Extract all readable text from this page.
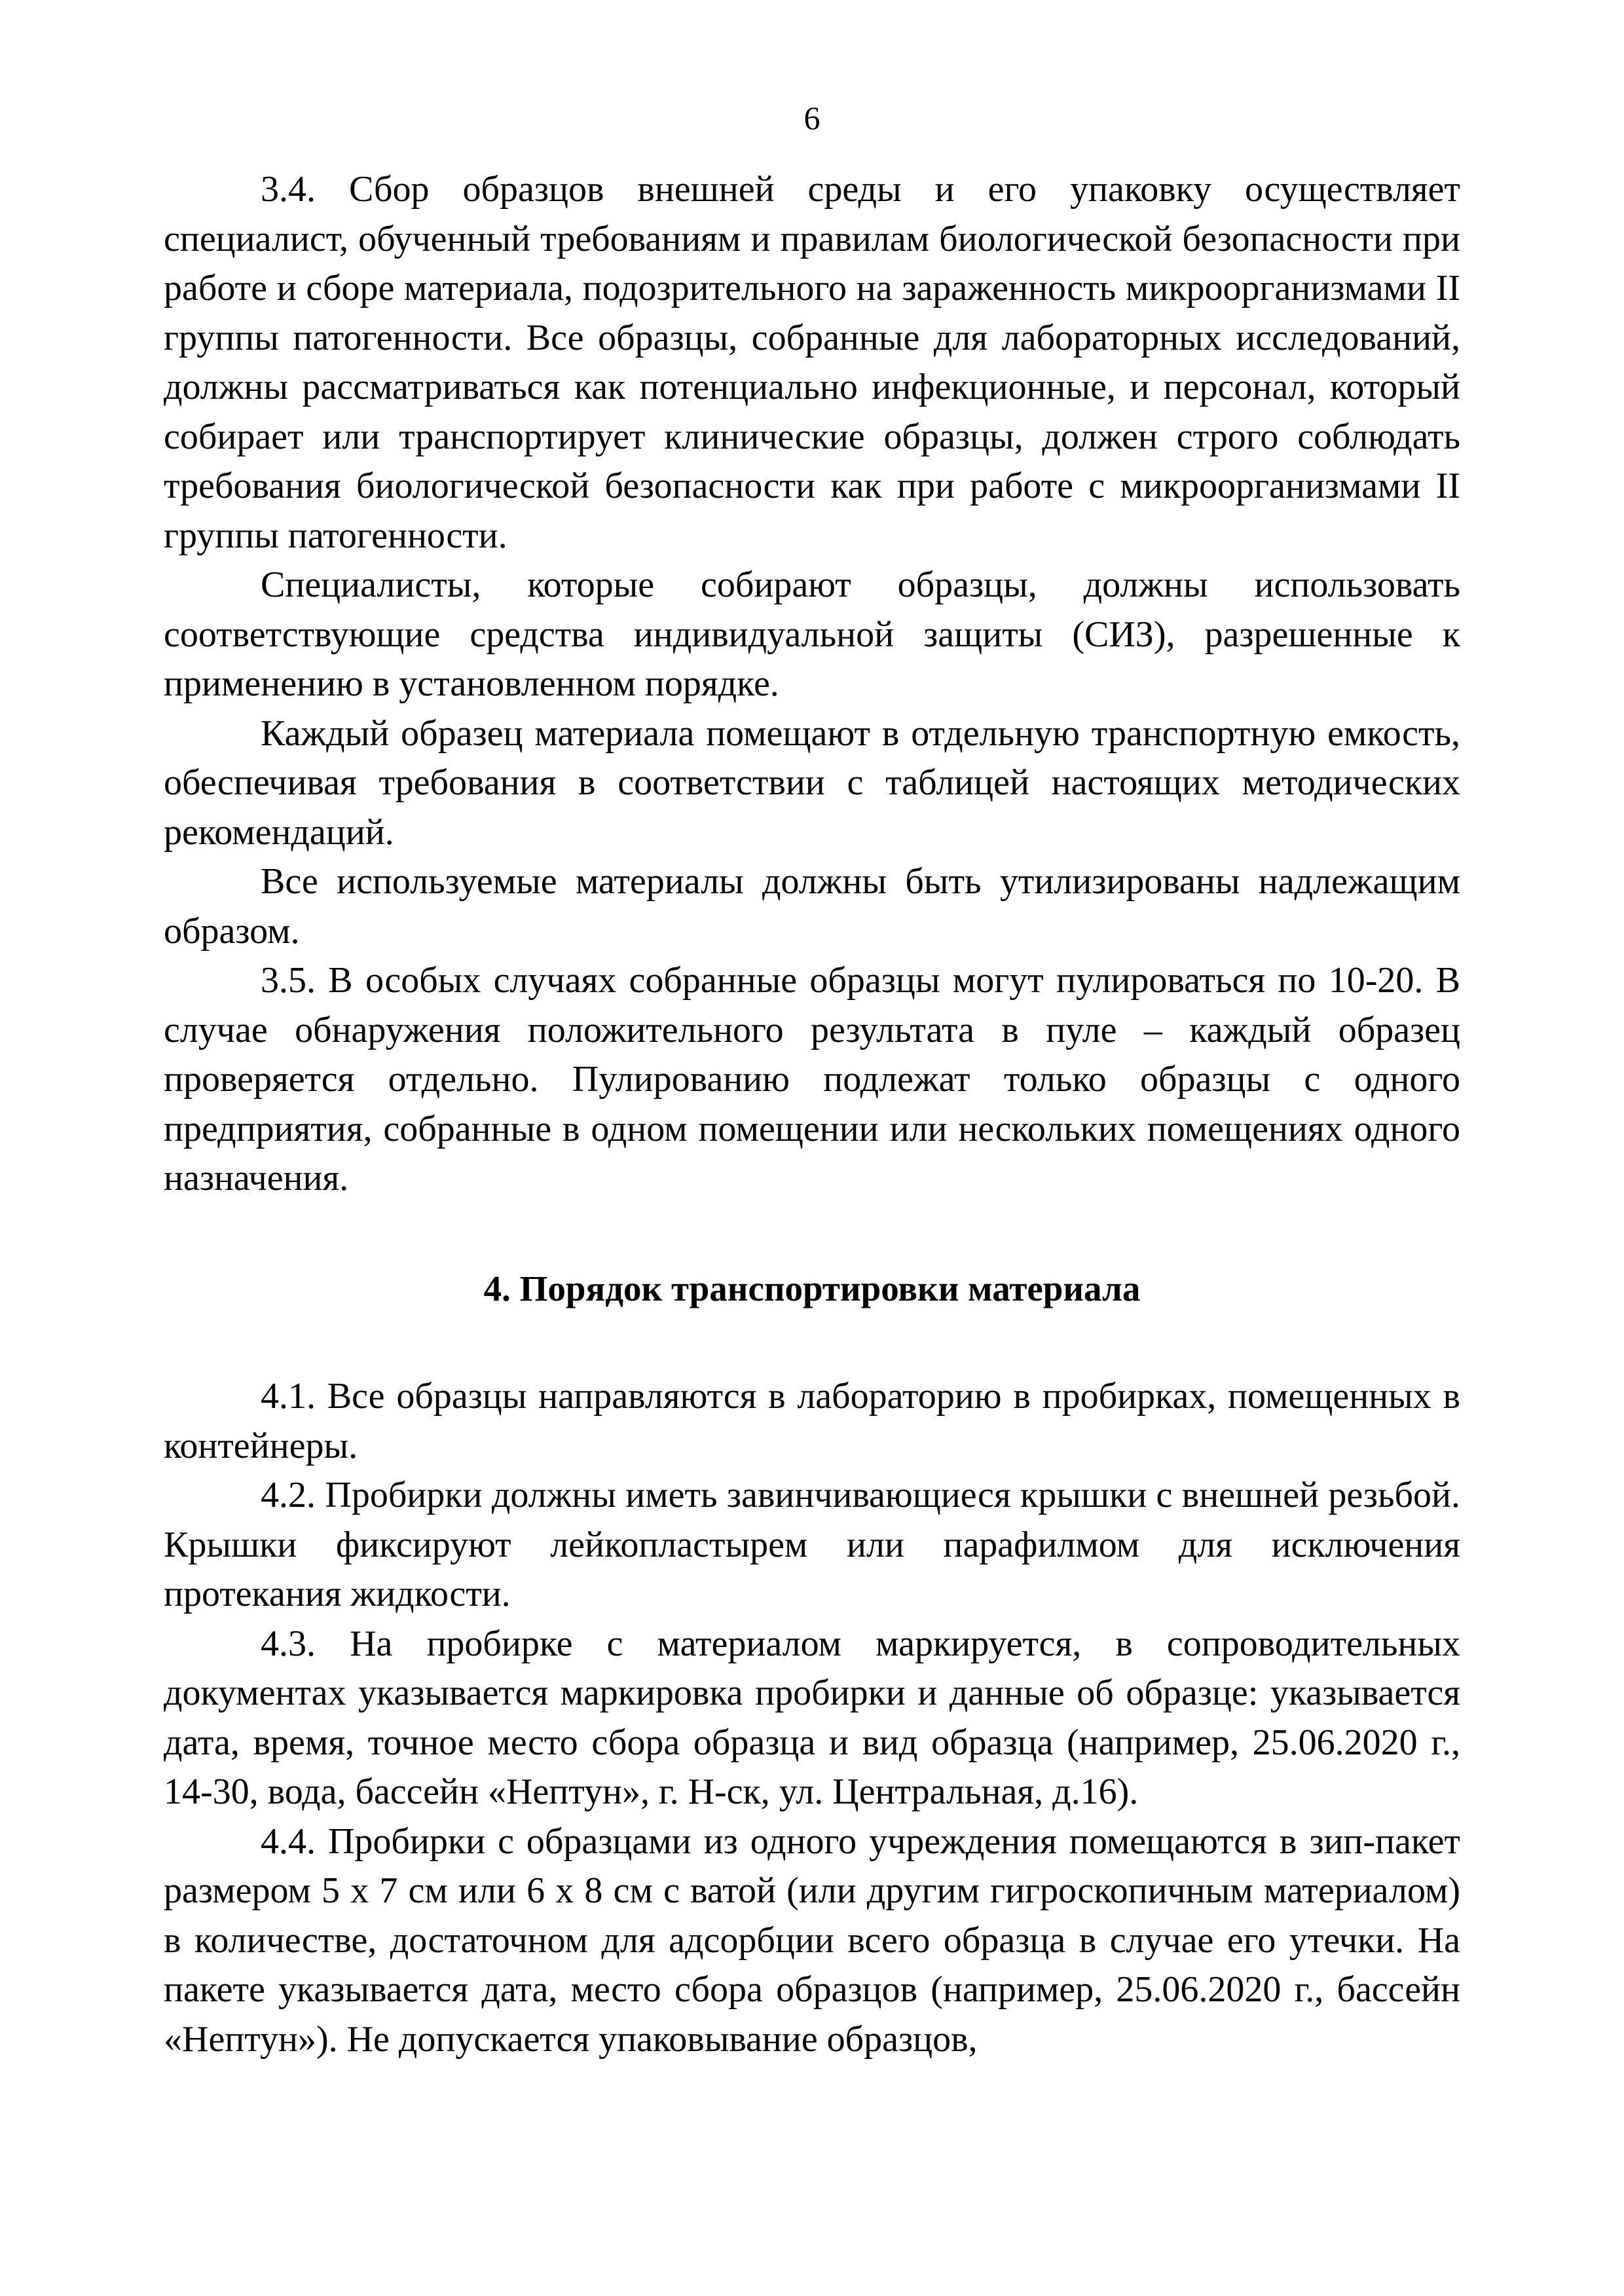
6

3.4. Сбор образцов внешней среды и его упаковку осуществляет специалист, обученный требованиям и правилам биологической безопасности при работе и сборе материала, подозрительного на зараженность микроорганизмами II группы патогенности. Все образцы, собранные для лабораторных исследований, должны рассматриваться как потенциально инфекционные, и персонал, который собирает или транспортирует клинические образцы, должен строго соблюдать требования биологической безопасности как при работе с микроорганизмами II группы патогенности.

Специалисты, которые собирают образцы, должны использовать соответствующие средства индивидуальной защиты (СИЗ), разрешенные к применению в установленном порядке.

Каждый образец материала помещают в отдельную транспортную емкость, обеспечивая требования в соответствии с таблицей настоящих методических рекомендаций.

Все используемые материалы должны быть утилизированы надлежащим образом.

3.5. В особых случаях собранные образцы могут пулироваться по 10-20. В случае обнаружения положительного результата в пуле – каждый образец проверяется отдельно. Пулированию подлежат только образцы с одного предприятия, собранные в одном помещении или нескольких помещениях одного назначения.

4. Порядок транспортировки материала

4.1. Все образцы направляются в лабораторию в пробирках, помещенных в контейнеры.

4.2. Пробирки должны иметь завинчивающиеся крышки с внешней резьбой. Крышки фиксируют лейкопластырем или парафилмом для исключения протекания жидкости.

4.3. На пробирке с материалом маркируется, в сопроводительных документах указывается маркировка пробирки и данные об образце: указывается дата, время, точное место сбора образца и вид образца (например, 25.06.2020 г., 14-30, вода, бассейн «Нептун», г. Н-ск, ул. Центральная, д.16).

4.4. Пробирки с образцами из одного учреждения помещаются в зип-пакет размером 5 х 7 см или 6 х 8 см с ватой (или другим гигроскопичным материалом) в количестве, достаточном для адсорбции всего образца в случае его утечки. На пакете указывается дата, место сбора образцов (например, 25.06.2020 г., бассейн «Нептун»). Не допускается упаковывание образцов,
